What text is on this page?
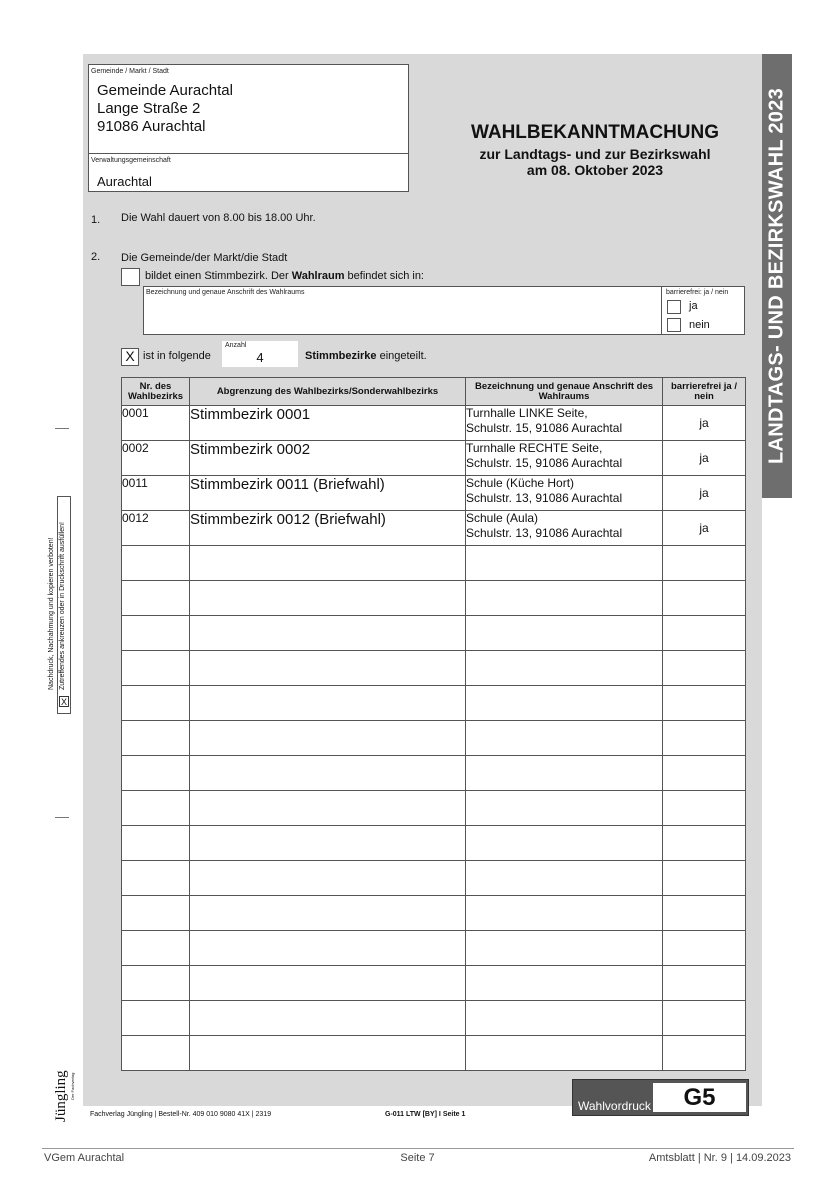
LANDTAGS- UND BEZIRKSWAHL 2023
Gemeinde / Markt / Stadt
Gemeinde Aurachtal
Lange Straße 2
91086 Aurachtal
Verwaltungsgemeinschaft
Aurachtal
WAHLBEKANNTMACHUNG
zur Landtags- und zur Bezirkswahl
am 08. Oktober 2023
1. Die Wahl dauert von 8.00 bis 18.00 Uhr.
2. Die Gemeinde/der Markt/die Stadt
bildet einen Stimmbezirk. Der Wahlraum befindet sich in:
Bezeichnung und genaue Anschrift des Wahlraums	barrierefrei: ja / nein
ja
nein
X ist in folgende
Anzahl
4	Stimmbezirke eingeteilt.
Nr. des Wahlbezirks	Abgrenzung des Wahlbezirks/Sonderwahlbezirks	Bezeichnung und genaue Anschrift des Wahlraums	barrierefrei ja / nein
0001	Stimmbezirk 0001	Turnhalle LINKE Seite,
Schulstr. 15, 91086 Aurachtal	ja
0002	Stimmbezirk 0002	Turnhalle RECHTE Seite,
Schulstr. 15, 91086 Aurachtal	ja
0011	Stimmbezirk 0011 (Briefwahl)	Schule (Küche Hort)
Schulstr. 13, 91086 Aurachtal	ja
0012	Stimmbezirk 0012 (Briefwahl)	Schule (Aula)
Schulstr. 13, 91086 Aurachtal	ja

Nachdruck, Nachahmung und kopieren verboten!
X
Zutreffendes ankreuzen oder in Druckschrift ausfüllen!
Jüngling Der Fachverlag
Fachverlag Jüngling | Bestell-Nr. 409 010 9080 41X | 2319	G-011 LTW [BY] I Seite 1
Wahlvordruck	G5
VGem Aurachtal	Seite 7	Amtsblatt | Nr. 9 | 14.09.2023
